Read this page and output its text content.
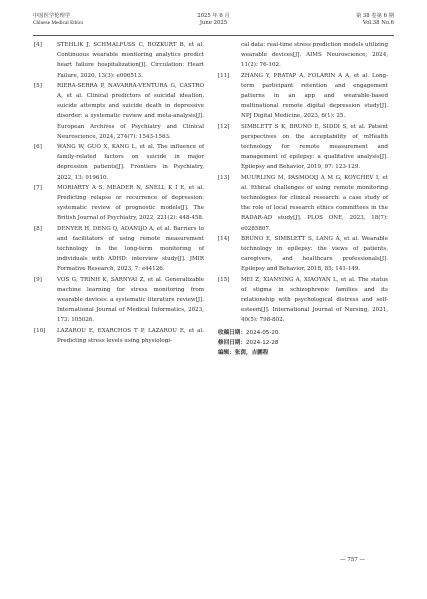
中国医学伦理学
Chinese Medical Ethics
2025 年 6 月
June 2025
第 38 卷第 6 期
Vol.38 No.6
[4]	STEHLIK J, SCHMALFUSS C, BOZKURT B, et al. Continuous wearable monitoring analytics predict heart failure hospitalization[J]. Circulation: Heart Failure, 2020, 13(3): e006513.
[5]	RIERA-SERRA P, NAVARRA-VENTURA G, CASTRO A, et al. Clinical predictors of suicidal ideation, suicide attempts and suicide death in depressive disorder: a systematic review and meta-analysis[J]. European Archives of Psychiatry and Clinical Neuroscience, 2024, 274(7): 1543-1563.
[6]	WANG W, GUO X, KANG L, et al. The influence of family-related factors on suicide in major depression patients[J]. Frontiers in Psychiatry, 2022, 13: 919610.
[7]	MORIARTY A S, MEADER N, SNELL K I E, et al. Predicting relapse or recurrence of depression: systematic review of prognostic models[J]. The British Journal of Psychiatry, 2022, 221(2): 448-458.
[8]	DENYER H, DENG Q, ADANIJO A, et al. Barriers to and facilitators of using remote measurement technology in the long-term monitoring of individuals with ADHD: interview study[J]. JMIR Formative Research, 2023, 7: e44126.
[9]	VOS G, TRINH K, SARNYAI Z, et al. Generalizable machine learning for stress monitoring from wearable devices: a systematic literature review[J]. International Journal of Medical Informatics, 2023, 173: 105026.
[10]	LAZAROU E, EXARCHOS T P, LAZAROU E, et al. Predicting stress levels using physiologi-
cal data: real-time stress prediction models utilizing wearable devices[J]. AIMS Neuroscience, 2024, 11(2): 76-102.
[11]	ZHANG Y, PRATAP A, FOLARIN A A, et al. Long-term participant retention and engagement patterns in an app and wearable-based multinational remote digital depression study[J]. NPJ Digital Medicine, 2023, 6(1): 25.
[12]	SIMBLETT S K, BRUNO E, SIDDI S, et al. Patient perspectives on the acceptability of mHealth technology for remote measurement and management of epilepsy: a qualitative analysis[J]. Epilepsy and Behavior, 2019, 97: 123-129.
[13]	MUURLING M, PASMOOIJ A M G, KOYCHEV I, et al. Ethical challenges of using remote monitoring technologies for clinical research: a case study of the role of local research ethics committees in the RADAR-AD study[J]. PLOS ONE, 2023, 18(7): e0285807.
[14]	BRUNO E, SIMBLETT S, LANG A, et al. Wearable technology in epilepsy: the views of patients, caregivers, and healthcare professionals[J]. Epilepsy and Behavior, 2018, 85: 141-149.
[15]	MEI Z, XIANYING A, XIAOYAN L, et al. The status of stigma in schizophrenic families and its relationship with psychological distress and self-esteem[J]. International Journal of Nursing, 2021, 40(5): 798-802.
收稿日期：2024-05-20
修回日期：2024-12-28
编辑：张茵，吉鹏程
— 757 —
